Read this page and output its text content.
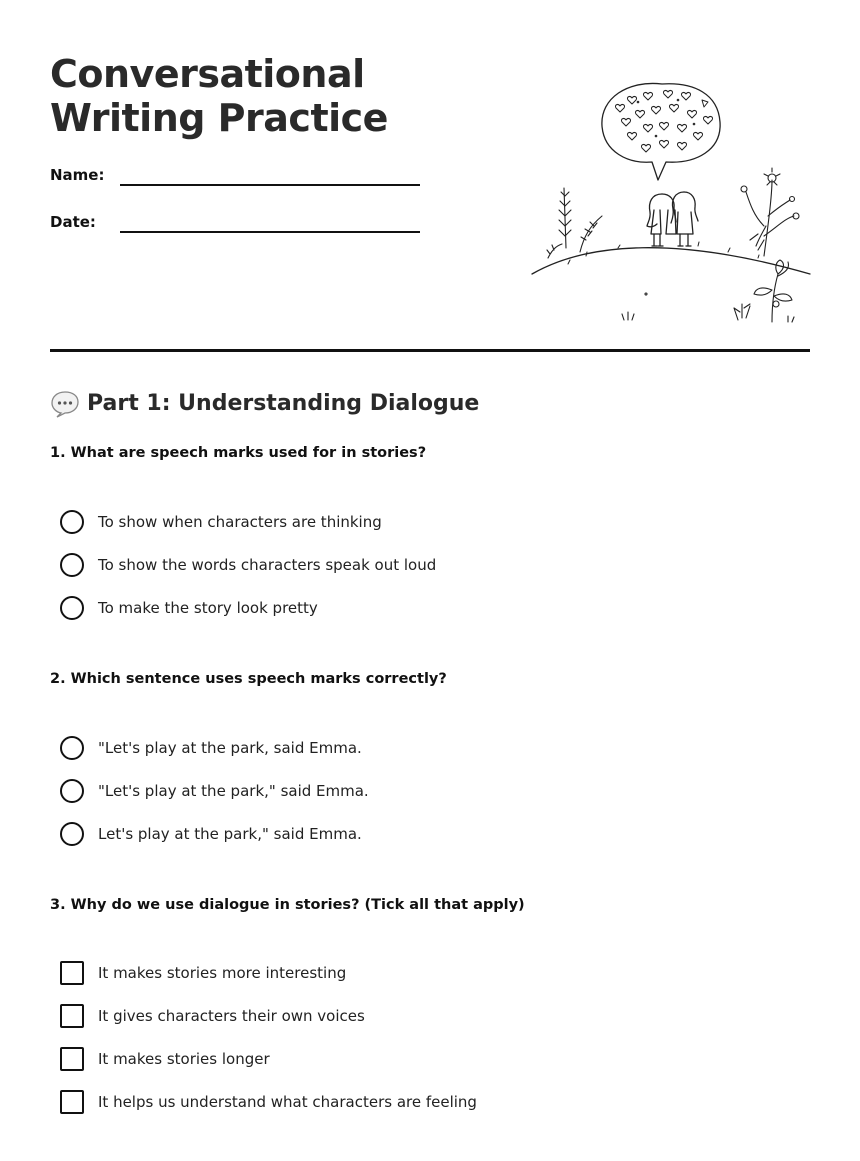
Conversational Writing Practice
Name:
Date:
Part 1: Understanding Dialogue
1. What are speech marks used for in stories?
To show when characters are thinking
To show the words characters speak out loud
To make the story look pretty
2. Which sentence uses speech marks correctly?
"Let's play at the park, said Emma.
"Let's play at the park," said Emma.
Let's play at the park," said Emma.
3. Why do we use dialogue in stories? (Tick all that apply)
It makes stories more interesting
It gives characters their own voices
It makes stories longer
It helps us understand what characters are feeling
